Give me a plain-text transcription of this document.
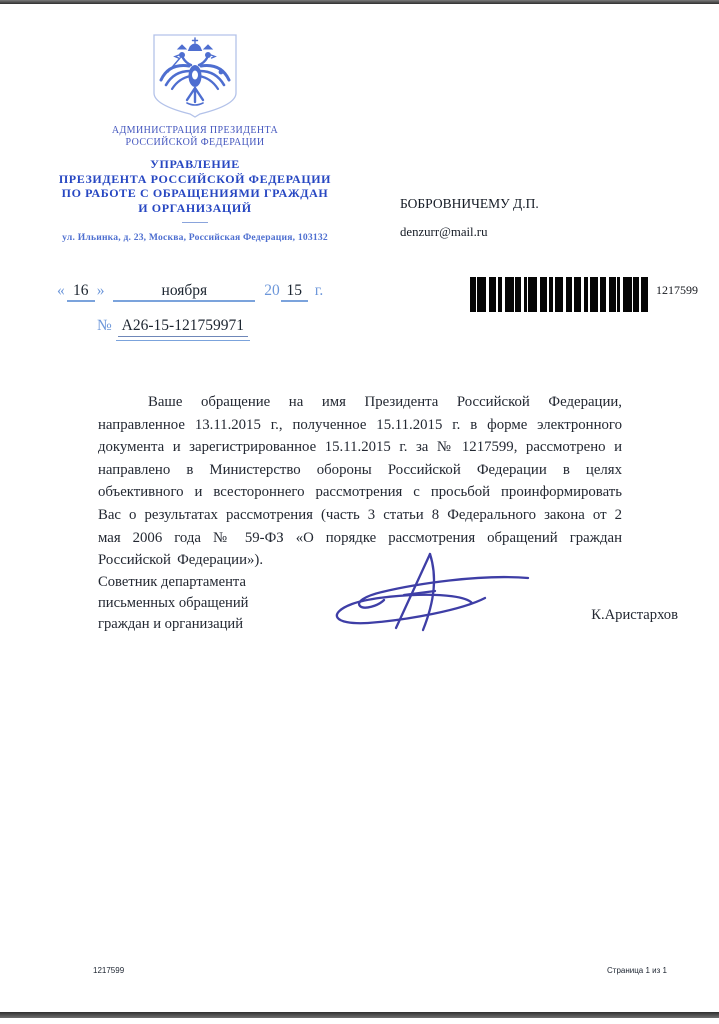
АДМИНИСТРАЦИЯ ПРЕЗИДЕНТА
РОССИЙСКОЙ ФЕДЕРАЦИИ
УПРАВЛЕНИЕ
ПРЕЗИДЕНТА РОССИЙСКОЙ ФЕДЕРАЦИИ
ПО РАБОТЕ С ОБРАЩЕНИЯМИ ГРАЖДАН
И ОРГАНИЗАЦИЙ
ул. Ильинка, д. 23, Москва, Российская Федерация, 103132
БОБРОВНИЧЕМУ Д.П.
denzurr@mail.ru
« 16 »	ноября	20 15 г.
№ А26-15-121759971
1217599
Ваше обращение на имя Президента Российской Федерации, направленное 13.11.2015 г., полученное 15.11.2015 г. в форме электронного документа и зарегистрированное 15.11.2015 г. за № 1217599, рассмотрено и направлено в Министерство обороны Российской Федерации в целях объективного и всестороннего рассмотрения с просьбой проинформировать Вас о результатах рассмотрения (часть 3 статьи 8 Федерального закона от 2 мая 2006 года № 59-ФЗ «О порядке рассмотрения обращений граждан Российской Федерации»).
Советник департамента
письменных обращений
граждан и организаций
К.Аристархов
1217599	Страница 1 из 1
